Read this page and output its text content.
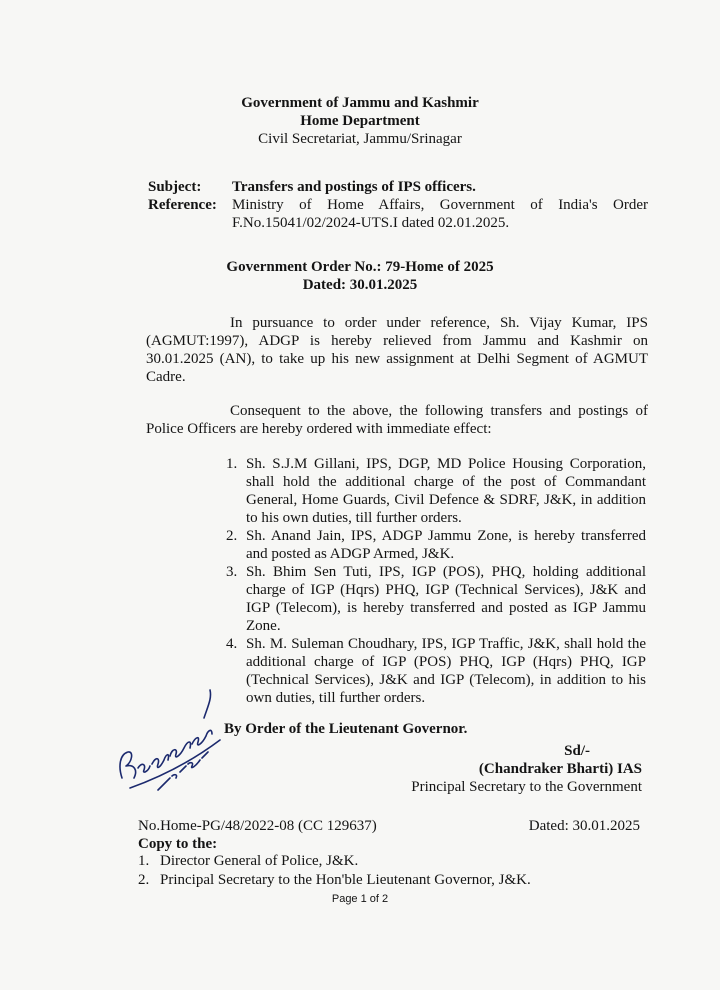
Government of Jammu and Kashmir
Home Department
Civil Secretariat, Jammu/Srinagar
Subject:	Transfers and postings of IPS officers.
Reference:	Ministry of Home Affairs, Government of India's Order
F.No.15041/02/2024-UTS.I dated 02.01.2025.
Government Order No.: 79-Home of 2025
Dated: 30.01.2025
In pursuance to order under reference, Sh. Vijay Kumar, IPS (AGMUT:1997), ADGP is hereby relieved from Jammu and Kashmir on 30.01.2025 (AN), to take up his new assignment at Delhi Segment of AGMUT Cadre.
Consequent to the above, the following transfers and postings of Police Officers are hereby ordered with immediate effect:
1. Sh. S.J.M Gillani, IPS, DGP, MD Police Housing Corporation, shall hold the additional charge of the post of Commandant General, Home Guards, Civil Defence & SDRF, J&K, in addition to his own duties, till further orders.
2. Sh. Anand Jain, IPS, ADGP Jammu Zone, is hereby transferred and posted as ADGP Armed, J&K.
3. Sh. Bhim Sen Tuti, IPS, IGP (POS), PHQ, holding additional charge of IGP (Hqrs) PHQ, IGP (Technical Services), J&K and IGP (Telecom), is hereby transferred and posted as IGP Jammu Zone.
4. Sh. M. Suleman Choudhary, IPS, IGP Traffic, J&K, shall hold the additional charge of IGP (POS) PHQ, IGP (Hqrs) PHQ, IGP (Technical Services), J&K and IGP (Telecom), in addition to his own duties, till further orders.
By Order of the Lieutenant Governor.
Sd/-
(Chandraker Bharti) IAS
Principal Secretary to the Government
No.Home-PG/48/2022-08 (CC 129637)	Dated: 30.01.2025
Copy to the:
1. Director General of Police, J&K.
2. Principal Secretary to the Hon'ble Lieutenant Governor, J&K.
Page 1 of 2
